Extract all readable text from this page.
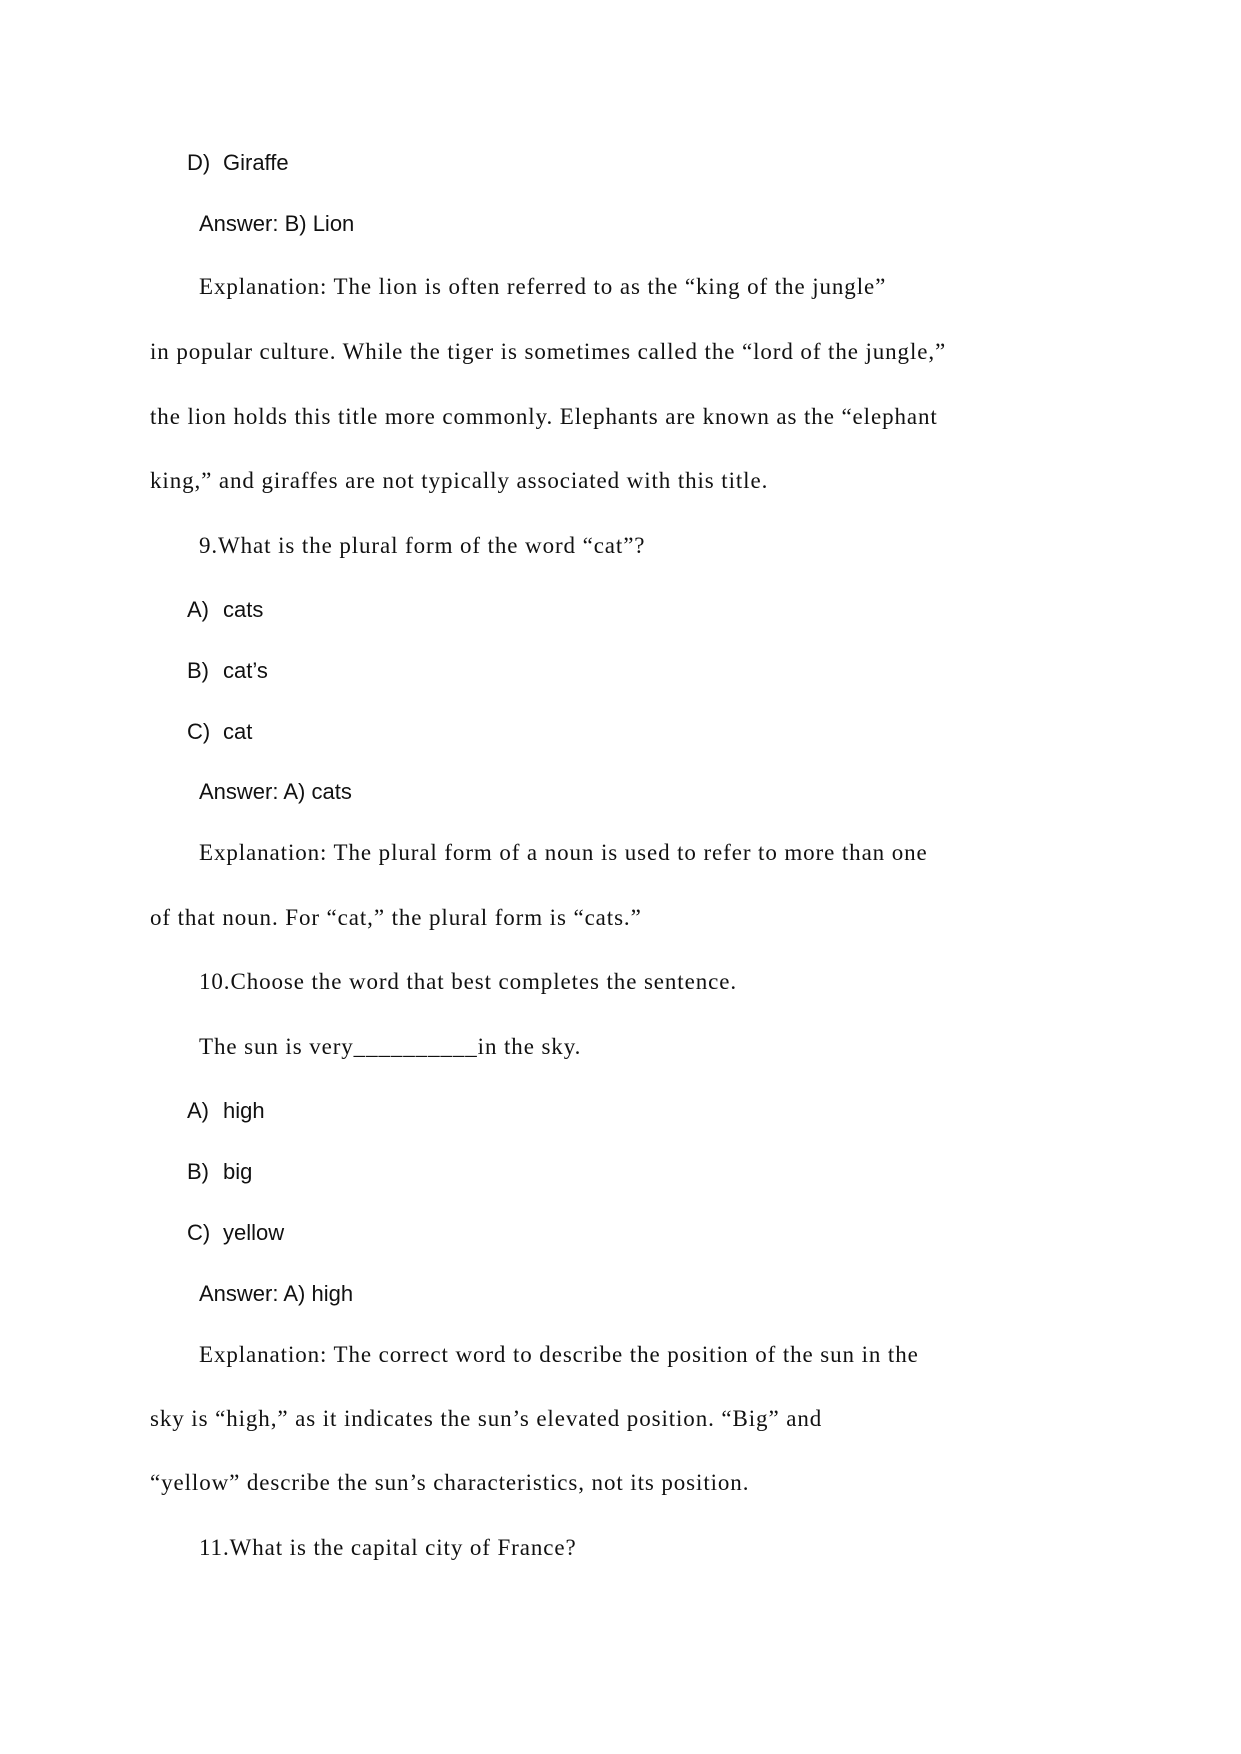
D) Giraffe
Answer: B) Lion

Explanation: The lion is often referred to as the “king of the jungle”

in popular culture. While the tiger is sometimes called the “lord of the jungle,”

the lion holds this title more commonly. Elephants are known as the “elephant

king,” and giraffes are not typically associated with this title.

9.What is the plural form of the word “cat”?

A) cats
B) cat’s
C) cat
Answer: A) cats

Explanation: The plural form of a noun is used to refer to more than one

of that noun. For “cat,” the plural form is “cats.”

10.Choose the word that best completes the sentence.

The sun is very__________in the sky.

A) high
B) big
C) yellow
Answer: A) high

Explanation: The correct word to describe the position of the sun in the

sky is “high,” as it indicates the sun’s elevated position. “Big” and

“yellow” describe the sun’s characteristics, not its position.

11.What is the capital city of France?
